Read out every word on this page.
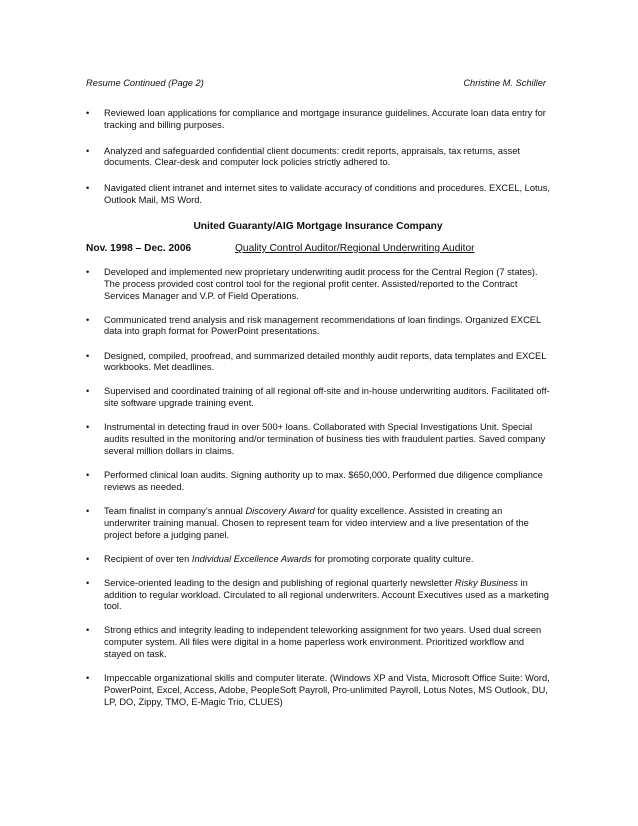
Resume Continued (Page 2)	Christine M. Schiller
• Reviewed loan applications for compliance and mortgage insurance guidelines. Accurate loan data entry for tracking and billing purposes.
• Analyzed and safeguarded confidential client documents: credit reports, appraisals, tax returns, asset documents. Clear-desk and computer lock policies strictly adhered to.
• Navigated client intranet and internet sites to validate accuracy of conditions and procedures. EXCEL, Lotus, Outlook Mail, MS Word.
United Guaranty/AIG Mortgage Insurance Company
Nov. 1998 – Dec. 2006	Quality Control Auditor/Regional Underwriting Auditor
• Developed and implemented new proprietary underwriting audit process for the Central Region (7 states). The process provided cost control tool for the regional profit center. Assisted/reported to the Contract Services Manager and V.P. of Field Operations.
• Communicated trend analysis and risk management recommendations of loan findings. Organized EXCEL data into graph format for PowerPoint presentations.
• Designed, compiled, proofread, and summarized detailed monthly audit reports, data templates and EXCEL workbooks. Met deadlines.
• Supervised and coordinated training of all regional off-site and in-house underwriting auditors. Facilitated off-site software upgrade training event.
• Instrumental in detecting fraud in over 500+ loans. Collaborated with Special Investigations Unit. Special audits resulted in the monitoring and/or termination of business ties with fraudulent parties. Saved company several million dollars in claims.
• Performed clinical loan audits. Signing authority up to max. $650,000. Performed due diligence compliance reviews as needed.
• Team finalist in company’s annual Discovery Award for quality excellence. Assisted in creating an underwriter training manual. Chosen to represent team for video interview and a live presentation of the project before a judging panel.
• Recipient of over ten Individual Excellence Awards for promoting corporate quality culture.
• Service-oriented leading to the design and publishing of regional quarterly newsletter Risky Business in addition to regular workload. Circulated to all regional underwriters. Account Executives used as a marketing tool.
• Strong ethics and integrity leading to independent teleworking assignment for two years. Used dual screen computer system. All files were digital in a home paperless work environment. Prioritized workflow and stayed on task.
• Impeccable organizational skills and computer literate. (Windows XP and Vista, Microsoft Office Suite: Word, PowerPoint, Excel, Access, Adobe, PeopleSoft Payroll, Pro-unlimited Payroll, Lotus Notes, MS Outlook, DU, LP, DO, Zippy, TMO, E-Magic Trio, CLUES)
